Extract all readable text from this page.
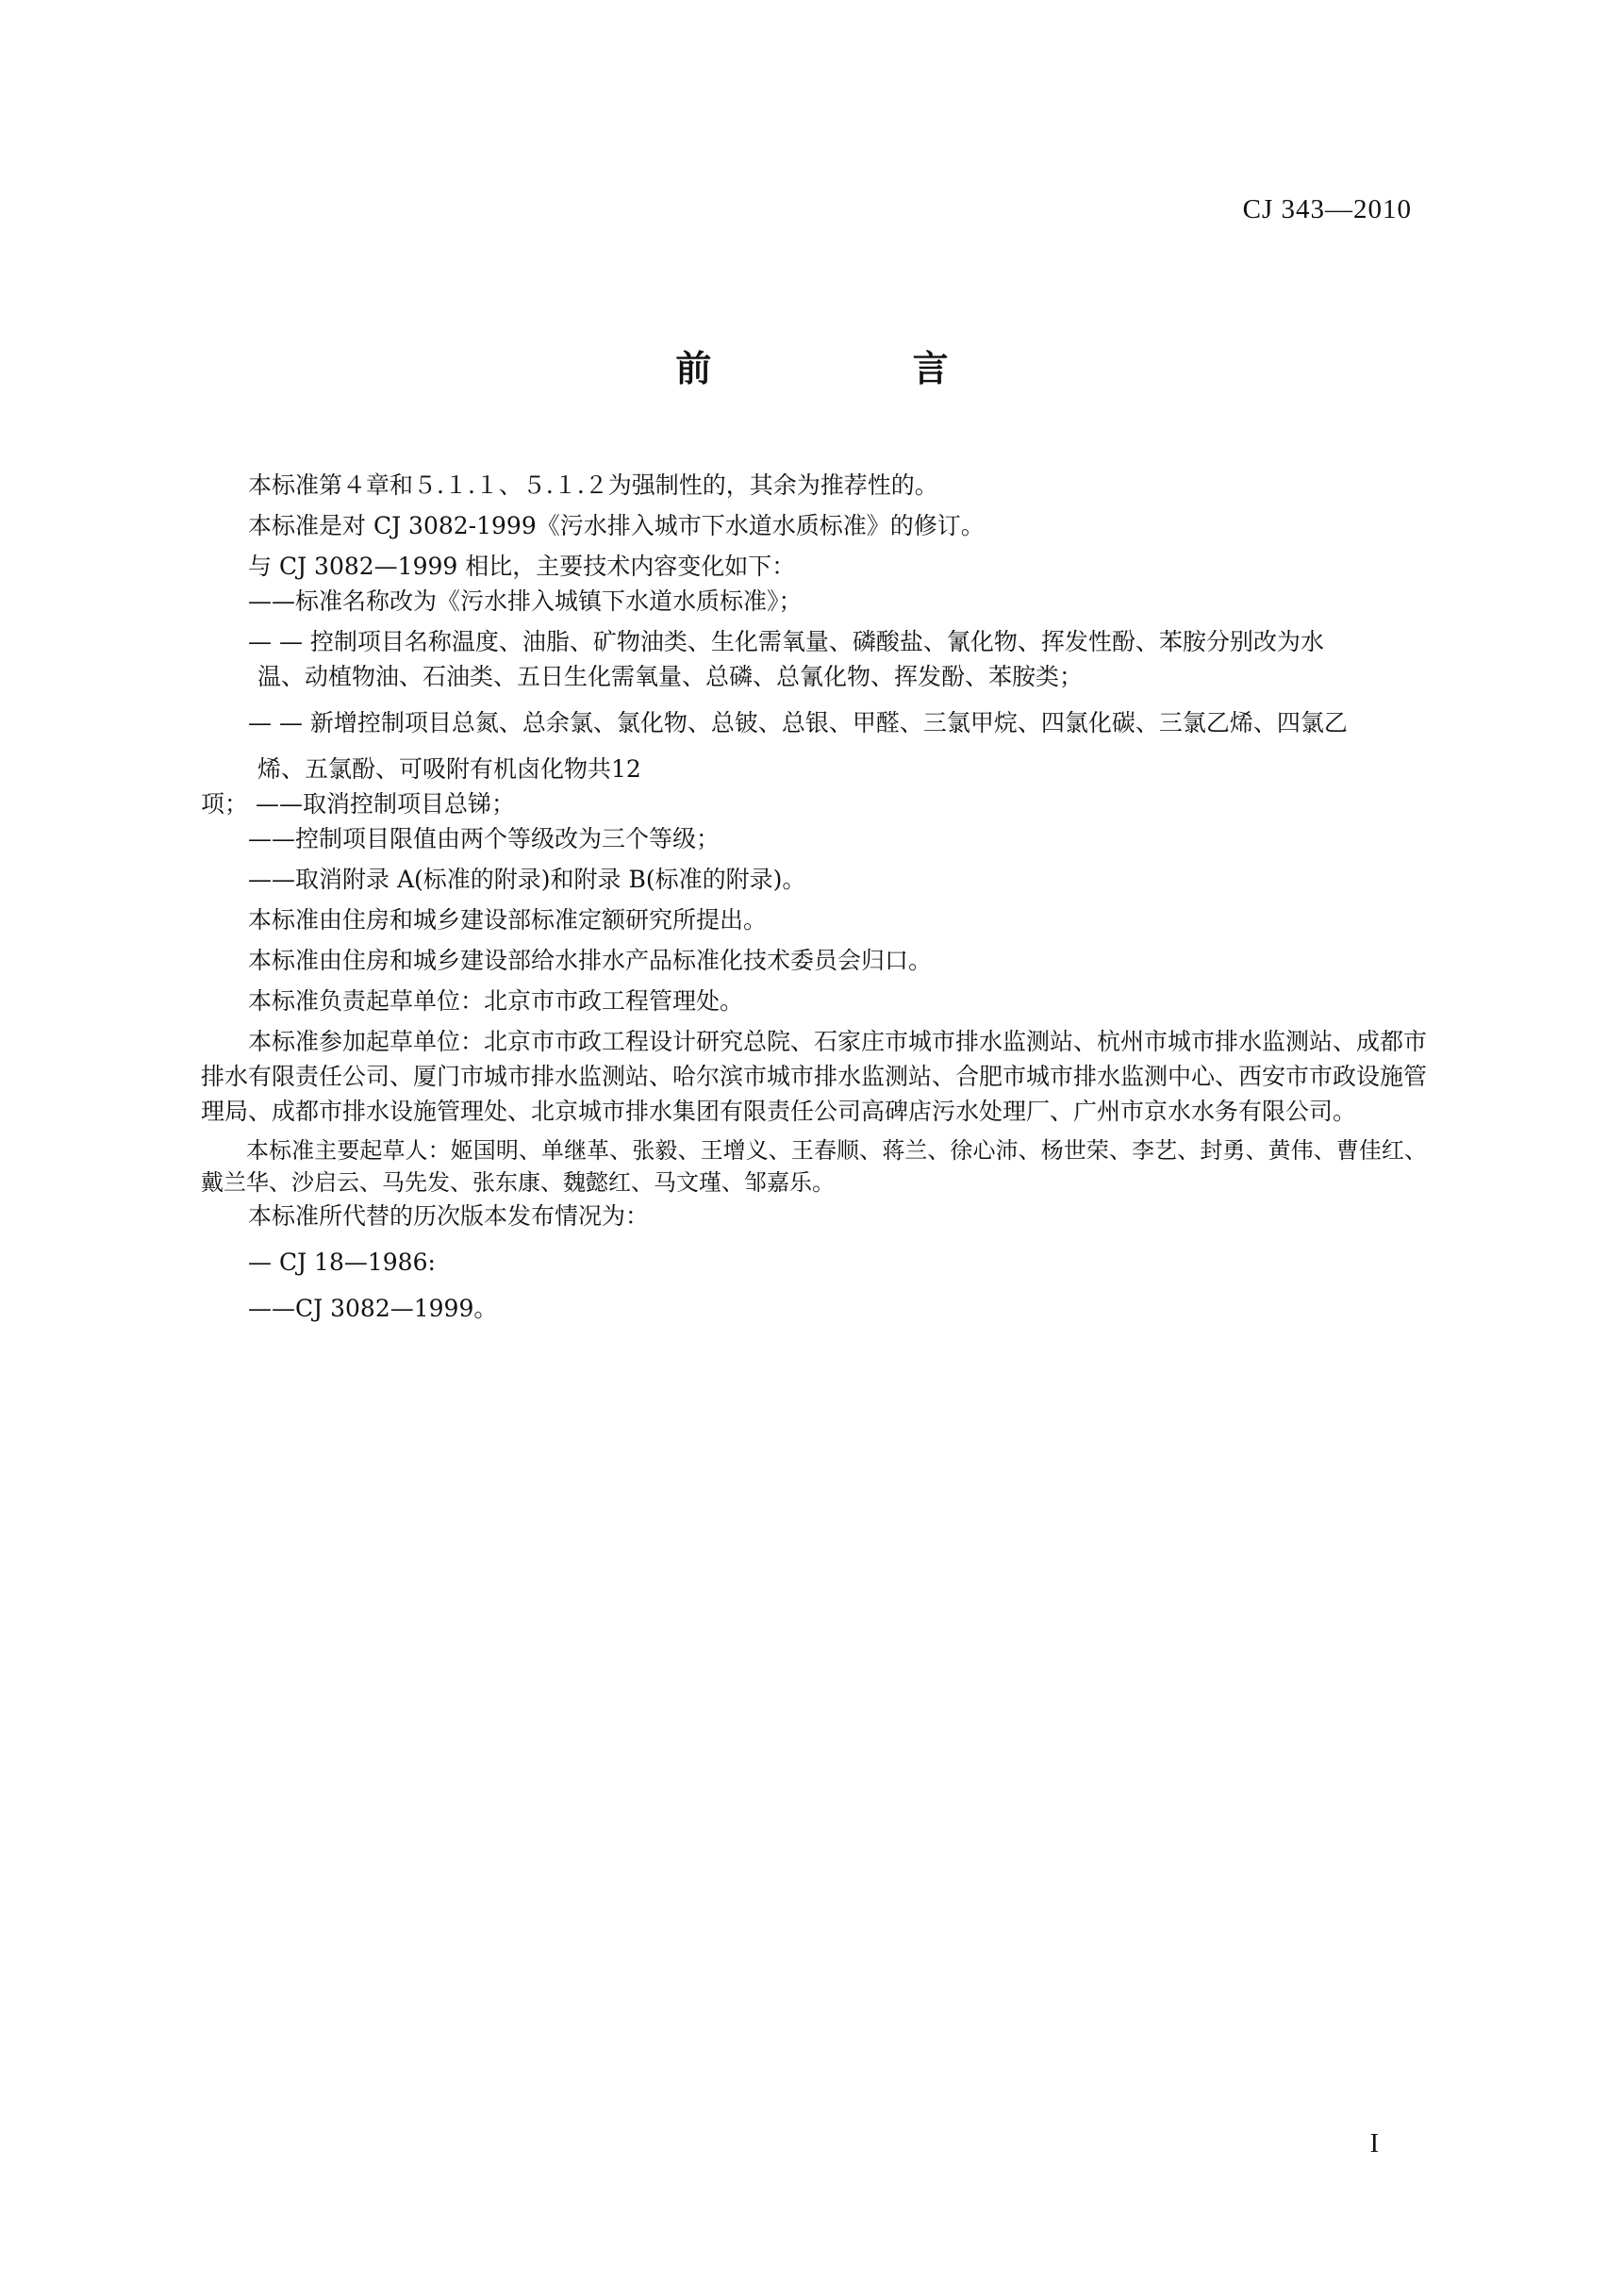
CJ 343—2010
前 言
本标准第４章和５.１.１、５.１.２为强制性的，其余为推荐性的。
本标准是对 CJ 3082-1999《污水排入城市下水道水质标准》的修订。
与 CJ 3082—1999 相比，主要技术内容变化如下：
——标准名称改为《污水排入城镇下水道水质标准》；
— — 控制项目名称温度、油脂、矿物油类、生化需氧量、磷酸盐、氰化物、挥发性酚、苯胺分别改为水
温、动植物油、石油类、五日生化需氧量、总磷、总氰化物、挥发酚、苯胺类；
— — 新增控制项目总氮、总余氯、氯化物、总铍、总银、甲醛、三氯甲烷、四氯化碳、三氯乙烯、四氯乙
烯、五氯酚、可吸附有机卤化物共12
项； ——取消控制项目总锑；
——控制项目限值由两个等级改为三个等级；
——取消附录 A(标准的附录)和附录 B(标准的附录)。
本标准由住房和城乡建设部标准定额研究所提出。
本标准由住房和城乡建设部给水排水产品标准化技术委员会归口。
本标准负责起草单位：北京市市政工程管理处。
本标准参加起草单位：北京市市政工程设计研究总院、石家庄市城市排水监测站、杭州市城市排水监测站、成都市排水有限责任公司、厦门市城市排水监测站、哈尔滨市城市排水监测站、合肥市城市排水监测中心、西安市市政设施管理局、成都市排水设施管理处、北京城市排水集团有限责任公司高碑店污水处理厂、广州市京水水务有限公司。
本标准主要起草人：姬国明、单继革、张毅、王增义、王春顺、蒋兰、徐心沛、杨世荣、李艺、封勇、黄伟、曹佳红、戴兰华、沙启云、马先发、张东康、魏懿红、马文瑾、邹嘉乐。
本标准所代替的历次版本发布情况为：
— CJ 18—1986:
——CJ 3082—1999。
I
